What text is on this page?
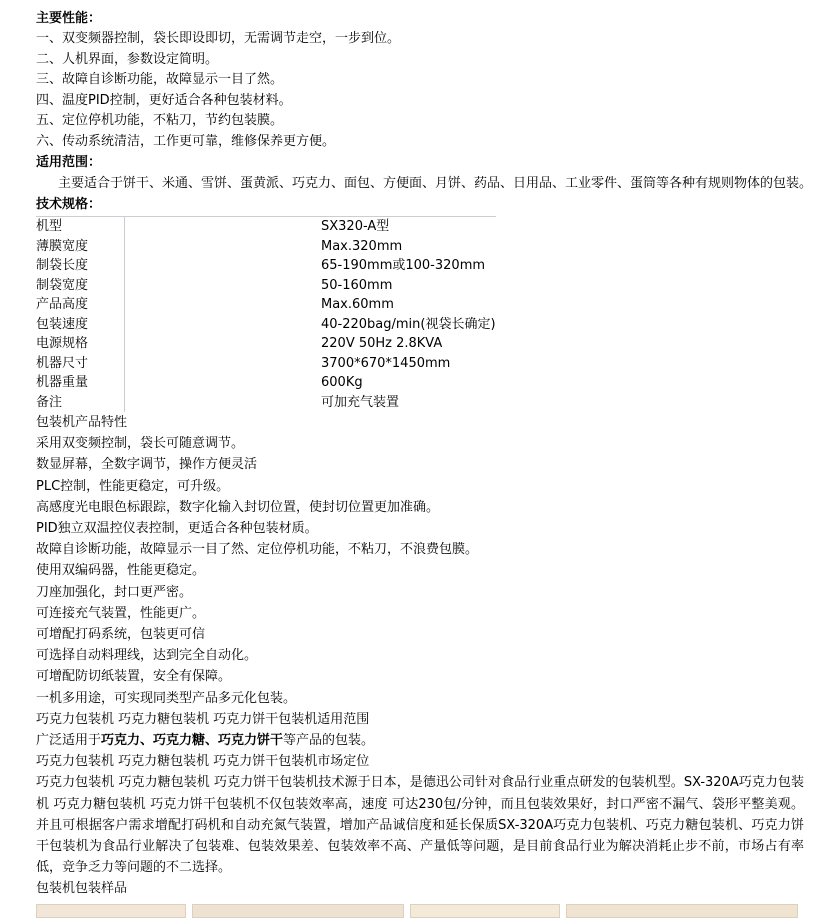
主要性能：
一、双变频器控制，袋长即设即切，无需调节走空，一步到位。
二、人机界面，参数设定简明。
三、故障自诊断功能，故障显示一目了然。
四、温度PID控制，更好适合各种包装材料。
五、定位停机功能，不粘刀，节约包装膜。
六、传动系统清洁，工作更可靠，维修保养更方便。
适用范围：
主要适合于饼干、米通、雪饼、蛋黄派、巧克力、面包、方便面、月饼、药品、日用品、工业零件、蛋筒等各种有规则物体的包装。
技术规格：
机型	SX320-A型
薄膜宽度	Max.320mm
制袋长度	65-190mm或100-320mm
制袋宽度	50-160mm
产品高度	Max.60mm
包装速度	40-220bag/min(视袋长确定)
电源规格	220V 50Hz 2.8KVA
机器尺寸	3700*670*1450mm
机器重量	600Kg
备注	可加充气装置
包装机产品特性
采用双变频控制，袋长可随意调节。
数显屏幕，全数字调节，操作方便灵活
PLC控制，性能更稳定，可升级。
高感度光电眼色标跟踪，数字化输入封切位置，使封切位置更加准确。
PID独立双温控仪表控制，更适合各种包装材质。
故障自诊断功能，故障显示一目了然、定位停机功能，不粘刀，不浪费包膜。
使用双编码器，性能更稳定。
刀座加强化，封口更严密。
可连接充气装置，性能更广。
可增配打码系统，包装更可信
可选择自动料理线，达到完全自动化。
可增配防切纸装置，安全有保障。
一机多用途，可实现同类型产品多元化包装。
巧克力包装机 巧克力糖包装机 巧克力饼干包装机适用范围
广泛适用于巧克力、巧克力糖、巧克力饼干等产品的包装。
巧克力包装机 巧克力糖包装机 巧克力饼干包装机市场定位
巧克力包装机 巧克力糖包装机 巧克力饼干包装机技术源于日本，是德迅公司针对食品行业重点研发的包装机型。SX-320A巧克力包装机 巧克力糖包装机 巧克力饼干包装机不仅包装效率高，速度 可达230包/分钟，而且包装效果好，封口严密不漏气、袋形平整美观。并且可根据客户需求增配打码机和自动充氮气装置，增加产品诚信度和延长保质SX-320A巧克力包装机、巧克力糖包装机、巧克力饼干包装机为食品行业解决了包装难、包装效果差、包装效率不高、产量低等问题，是目前食品行业为解决消耗止步不前，市场占有率低，竞争乏力等问题的不二选择。
包装机包装样品
